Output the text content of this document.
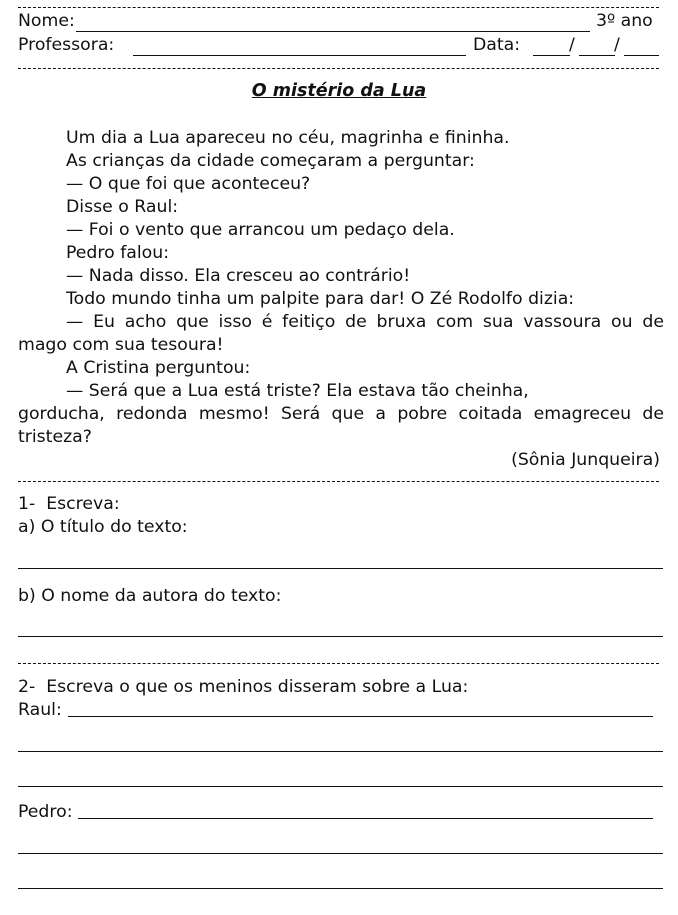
Nome:	3º ano
Professora:	Data:	/ /
O mistério da Lua
Um dia a Lua apareceu no céu, magrinha e fininha.
As crianças da cidade começaram a perguntar:
— O que foi que aconteceu?
Disse o Raul:
— Foi o vento que arrancou um pedaço dela.
Pedro falou:
— Nada disso. Ela cresceu ao contrário!
Todo mundo tinha um palpite para dar! O Zé Rodolfo dizia:
— Eu acho que isso é feitiço de bruxa com sua vassoura ou de
mago com sua tesoura!
A Cristina perguntou:
— Será que a Lua está triste? Ela estava tão cheinha,
gorducha, redonda mesmo! Será que a pobre coitada emagreceu de
tristeza?
(Sônia Junqueira)
1-  Escreva:
a) O título do texto:
b) O nome da autora do texto:
2-  Escreva o que os meninos disseram sobre a Lua:
Raul:
Pedro:
